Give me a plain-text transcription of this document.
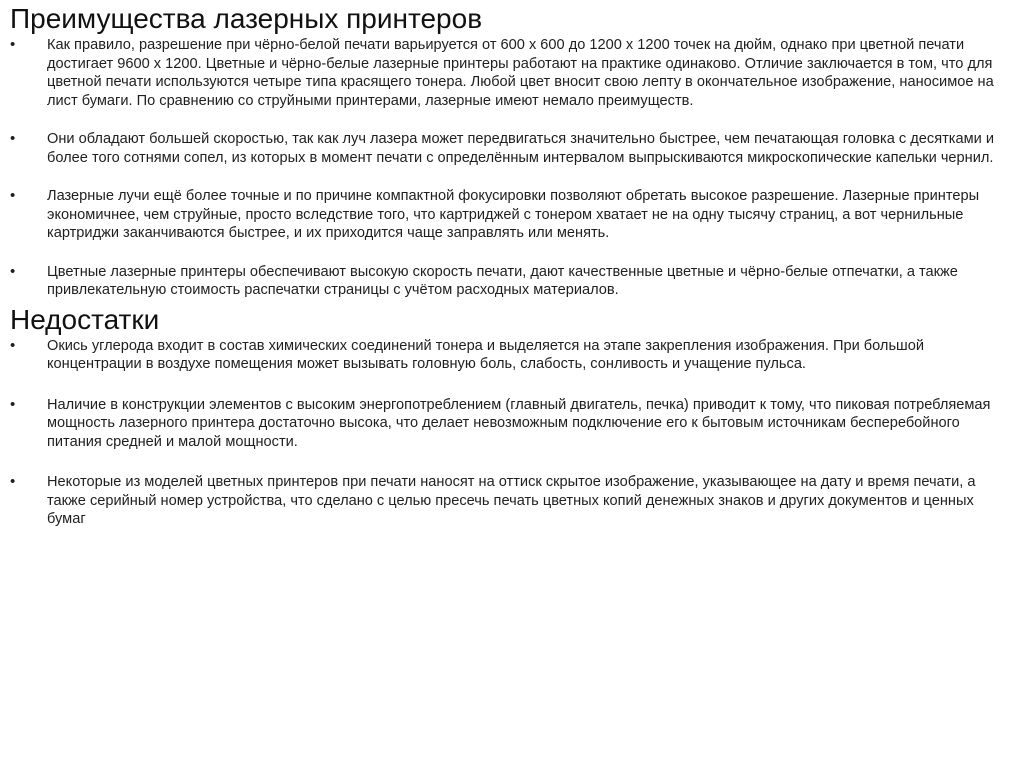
Преимущества лазерных принтеров
•	Как правило, разрешение при чёрно-белой печати варьируется от 600 х 600 до 1200 х 1200 точек на дюйм, однако при цветной печати достигает 9600 х 1200. Цветные и чёрно-белые лазерные принтеры работают на практике одинаково. Отличие заключается в том, что для цветной печати используются четыре типа красящего тонера. Любой цвет вносит свою лепту в окончательное изображение, наносимое на лист бумаги. По сравнению со струйными принтерами, лазерные имеют немало преимуществ.
•	Они обладают большей скоростью, так как луч лазера может передвигаться значительно быстрее, чем печатающая головка с десятками и более того сотнями сопел, из которых в момент печати с определённым интервалом выпрыскиваются микроскопические капельки чернил.
•	Лазерные лучи ещё более точные и по причине компактной фокусировки позволяют обретать высокое разрешение. Лазерные принтеры экономичнее, чем струйные, просто вследствие того, что картриджей с тонером хватает не на одну тысячу страниц, а вот чернильные картриджи заканчиваются быстрее, и их приходится чаще заправлять или менять.
•	Цветные лазерные принтеры обеспечивают высокую скорость печати, дают качественные цветные и чёрно-белые отпечатки, а также привлекательную стоимость распечатки страницы с учётом расходных материалов.
Недостатки
•	Окись углерода входит в состав химических соединений тонера и выделяется на этапе закрепления изображения. При большой концентрации в воздухе помещения может вызывать головную боль, слабость, сонливость и учащение пульса.
•	Наличие в конструкции элементов с высоким энергопотреблением (главный двигатель, печка) приводит к тому, что пиковая потребляемая мощность лазерного принтера достаточно высока, что делает невозможным подключение его к бытовым источникам бесперебойного питания средней и малой мощности.
•	Некоторые из моделей цветных принтеров при печати наносят на оттиск скрытое изображение, указывающее на дату и время печати, а также серийный номер устройства, что сделано с целью пресечь печать цветных копий денежных знаков и других документов и ценных бумаг
